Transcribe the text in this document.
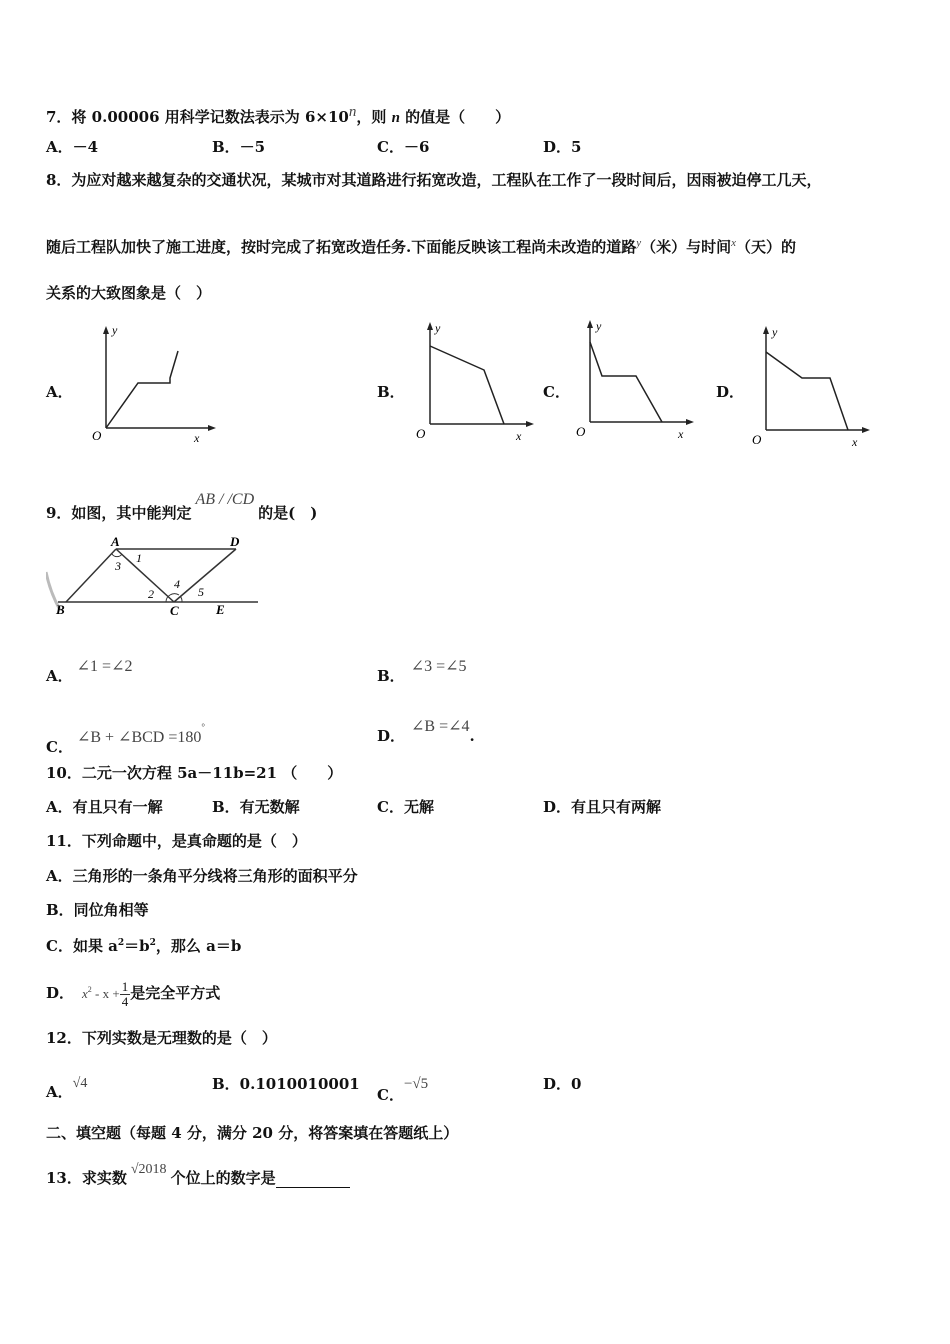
7．将 0.00006 用科学记数法表示为 $6\times 10^n$，则 n 的值是（　　）
A．－4	B．－5	C．－6	D．5
8．为应对越来越复杂的交通状况，某城市对其道路进行拓宽改造，工程队在工作了一段时间后，因雨被迫停工几天，
随后工程队加快了施工进度，按时完成了拓宽改造任务.下面能反映该工程尚未改造的道路$^y$（米）与时间$^x$（天）的
关系的大致图象是（　）
A．
y
O	x
B．
y
O	x
C．
y
O	x
D．
y
O	x
9．如图，其中能判定AB / /CD的是(　)
A	D
B	C	E
1
2
3
4
5
A．∠1 =∠2
B．∠3 =∠5
C．∠B + ∠BCD =180°	D．∠B =∠4.
10．二元一次方程 5a－11b=21 （　　）
A．有且只有一解	B．有无数解	C．无解	D．有且只有两解
11．下列命题中，是真命题的是（　）
A．三角形的一条角平分线将三角形的面积平分
B．同位角相等
C．如果 $a^2=b^2$，那么 a＝b
D． $x^2 - x + \frac{1}{4}$ 是完全平方式
12．下列实数是无理数的是（　）
A．√4	B．0.1010010001
C．−√5	D．0
二、填空题（每题 4 分，满分 20 分，将答案填在答题纸上）
13．求实数 √2018 个位上的数字是
